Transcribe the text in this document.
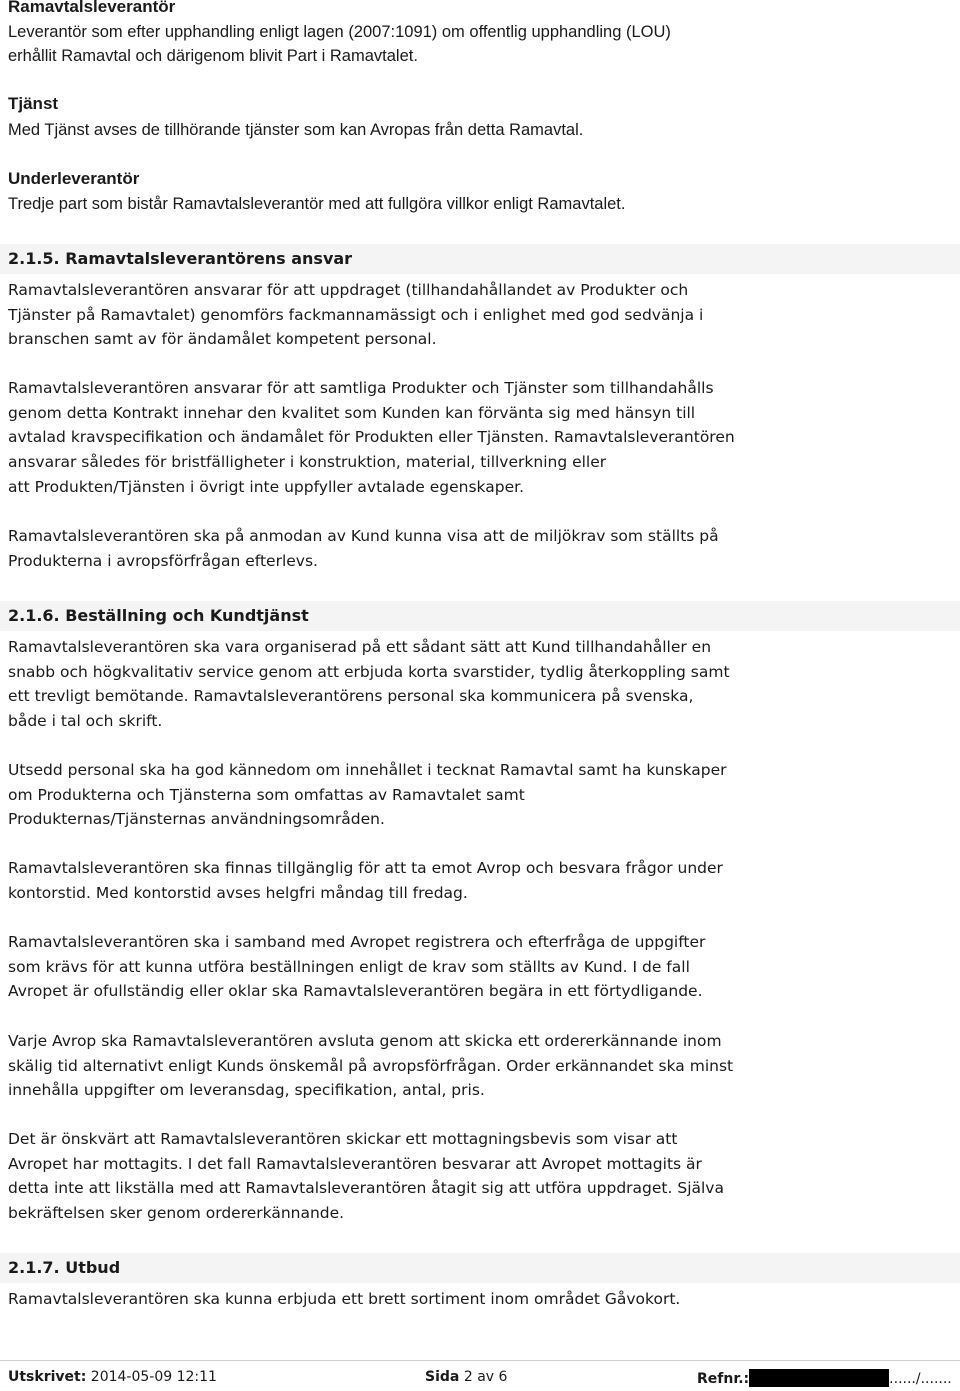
Ramavtalsleverantör
Leverantör som efter upphandling enligt lagen (2007:1091) om offentlig upphandling (LOU)
erhållit Ramavtal och därigenom blivit Part i Ramavtalet.
Tjänst
Med Tjänst avses de tillhörande tjänster som kan Avropas från detta Ramavtal.
Underleverantör
Tredje part som bistår Ramavtalsleverantör med att fullgöra villkor enligt Ramavtalet.
2.1.5. Ramavtalsleverantörens ansvar
Ramavtalsleverantören ansvarar för att uppdraget (tillhandahållandet av Produkter och
Tjänster på Ramavtalet) genomförs fackmannamässigt och i enlighet med god sedvänja i
branschen samt av för ändamålet kompetent personal.
Ramavtalsleverantören ansvarar för att samtliga Produkter och Tjänster som tillhandahålls
genom detta Kontrakt innehar den kvalitet som Kunden kan förvänta sig med hänsyn till
avtalad kravspecifikation och ändamålet för Produkten eller Tjänsten. Ramavtalsleverantören
ansvarar således för bristfälligheter i konstruktion, material, tillverkning eller
att Produkten/Tjänsten i övrigt inte uppfyller avtalade egenskaper.
Ramavtalsleverantören ska på anmodan av Kund kunna visa att de miljökrav som ställts på
Produkterna i avropsförfrågan efterlevs.
2.1.6. Beställning och Kundtjänst
Ramavtalsleverantören ska vara organiserad på ett sådant sätt att Kund tillhandahåller en
snabb och högkvalitativ service genom att erbjuda korta svarstider, tydlig återkoppling samt
ett trevligt bemötande. Ramavtalsleverantörens personal ska kommunicera på svenska,
både i tal och skrift.
Utsedd personal ska ha god kännedom om innehållet i tecknat Ramavtal samt ha kunskaper
om Produkterna och Tjänsterna som omfattas av Ramavtalet samt
Produkternas/Tjänsternas användningsområden.
Ramavtalsleverantören ska finnas tillgänglig för att ta emot Avrop och besvara frågor under
kontorstid. Med kontorstid avses helgfri måndag till fredag.
Ramavtalsleverantören ska i samband med Avropet registrera och efterfråga de uppgifter
som krävs för att kunna utföra beställningen enligt de krav som ställts av Kund. I de fall
Avropet är ofullständig eller oklar ska Ramavtalsleverantören begära in ett förtydligande.
Varje Avrop ska Ramavtalsleverantören avsluta genom att skicka ett ordererkännande inom
skälig tid alternativt enligt Kunds önskemål på avropsförfrågan. Order erkännandet ska minst
innehålla uppgifter om leveransdag, specifikation, antal, pris.
Det är önskvärt att Ramavtalsleverantören skickar ett mottagningsbevis som visar att
Avropet har mottagits. I det fall Ramavtalsleverantören besvarar att Avropet mottagits är
detta inte att likställa med att Ramavtalsleverantören åtagit sig att utföra uppdraget. Själva
bekräftelsen sker genom ordererkännande.
2.1.7. Utbud
Ramavtalsleverantören ska kunna erbjuda ett brett sortiment inom området Gåvokort.
Utskrivet: 2014-05-09 12:11	Sida 2 av 6	Refnr.:	....../.......
